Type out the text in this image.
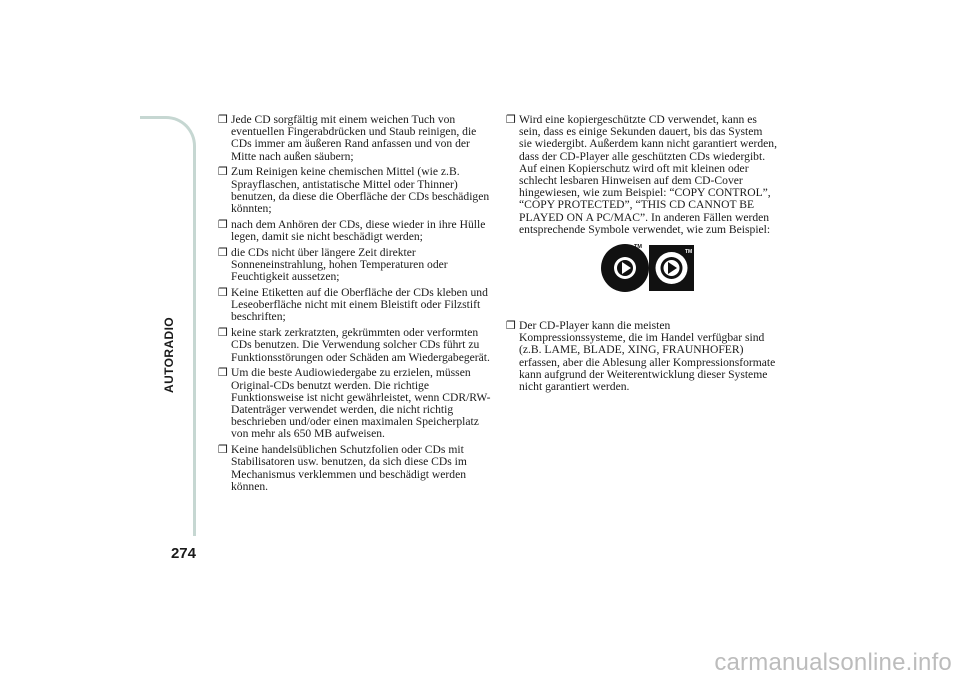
AUTORADIO
274

❒ Jede CD sorgfältig mit einem weichen Tuch von eventuellen Fingerabdrücken und Staub reinigen, die CDs immer am äußeren Rand anfassen und von der Mitte nach außen säubern;

❒ Zum Reinigen keine chemischen Mittel (wie z.B. Sprayflaschen, antistatische Mittel oder Thinner) benutzen, da diese die Oberfläche der CDs beschädigen könnten;

❒ nach dem Anhören der CDs, diese wieder in ihre Hülle legen, damit sie nicht beschädigt werden;

❒ die CDs nicht über längere Zeit direkter Sonneneinstrahlung, hohen Temperaturen oder Feuchtigkeit aussetzen;

❒ Keine Etiketten auf die Oberfläche der CDs kleben und Leseoberfläche nicht mit einem Bleistift oder Filzstift beschriften;

❒ keine stark zerkratzten, gekrümmten oder verformten CDs benutzen. Die Verwendung solcher CDs führt zu Funktionsstörungen oder Schäden am Wiedergabegerät.

❒ Um die beste Audiowiedergabe zu erzielen, müssen Original-CDs benutzt werden. Die richtige Funktionsweise ist nicht gewährleistet, wenn CDR/RW-Datenträger verwendet werden, die nicht richtig beschrieben und/oder einen maximalen Speicherplatz von mehr als 650 MB aufweisen.

❒ Keine handelsüblichen Schutzfolien oder CDs mit Stabilisatoren usw. benutzen, da sich diese CDs im Mechanismus verklemmen und beschädigt werden können.

❒ Wird eine kopiergeschützte CD verwendet, kann es sein, dass es einige Sekunden dauert, bis das System sie wiedergibt. Außerdem kann nicht garantiert werden, dass der CD-Player alle geschützten CDs wiedergibt. Auf einen Kopierschutz wird oft mit kleinen oder schlecht lesbaren Hinweisen auf dem CD-Cover hingewiesen, wie zum Beispiel: “COPY CONTROL”, “COPY PROTECTED”, “THIS CD CANNOT BE PLAYED ON A PC/MAC”. In anderen Fällen werden entsprechende Symbole verwendet, wie zum Beispiel:

TM
TM

❒ Der CD-Player kann die meisten Kompressionssysteme, die im Handel verfügbar sind (z.B. LAME, BLADE, XING, FRAUNHOFER) erfassen, aber die Ablesung aller Kompressionsformate kann aufgrund der Weiterentwicklung dieser Systeme nicht garantiert werden.

carmanualsonline.info
